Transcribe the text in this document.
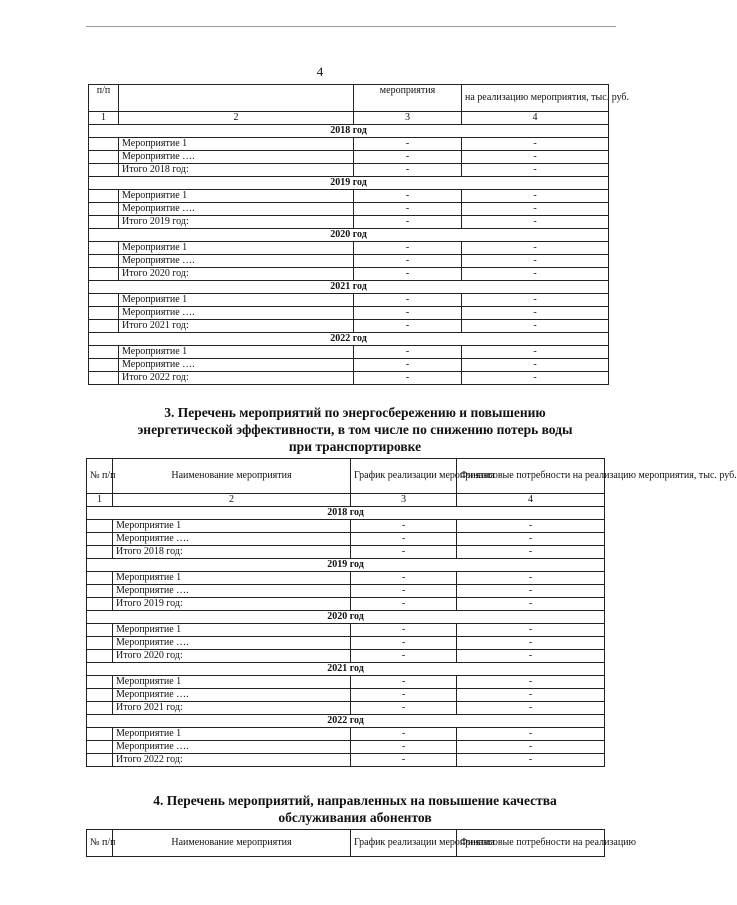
4
п/п		мероприятия	на реализацию мероприятия, тыс. руб.
1	2	3	4
2018 год			
	Мероприятие 1	-	-
	Мероприятие ….	-	-
	Итого 2018 год:	-	-
2019 год			
	Мероприятие 1	-	-
	Мероприятие ….	-	-
	Итого 2019 год:	-	-
2020 год			
	Мероприятие 1	-	-
	Мероприятие ….	-	-
	Итого 2020 год:	-	-
2021 год			
	Мероприятие 1	-	-
	Мероприятие ….	-	-
	Итого 2021 год:	-	-
2022 год			
	Мероприятие 1	-	-
	Мероприятие ….	-	-
	Итого 2022 год:	-	-
3. Перечень мероприятий по энергосбережению и повышению
энергетической эффективности, в том числе по снижению потерь воды
при транспортировке
№ п/п	Наименование мероприятия	График реализации мероприятия	Финансовые потребности на реализацию мероприятия, тыс. руб.
1	2	3	4
2018 год			
	Мероприятие 1	-	-
	Мероприятие ….	-	-
	Итого 2018 год:	-	-
2019 год			
	Мероприятие 1	-	-
	Мероприятие ….	-	-
	Итого 2019 год:	-	-
2020 год			
	Мероприятие 1	-	-
	Мероприятие ….	-	-
	Итого 2020 год:	-	-
2021 год			
	Мероприятие 1	-	-
	Мероприятие ….	-	-
	Итого 2021 год:	-	-
2022 год			
	Мероприятие 1	-	-
	Мероприятие ….	-	-
	Итого 2022 год:	-	-
4. Перечень мероприятий, направленных на повышение качества
обслуживания абонентов
№ п/п	Наименование мероприятия	График реализации мероприятия	Финансовые потребности на реализацию
